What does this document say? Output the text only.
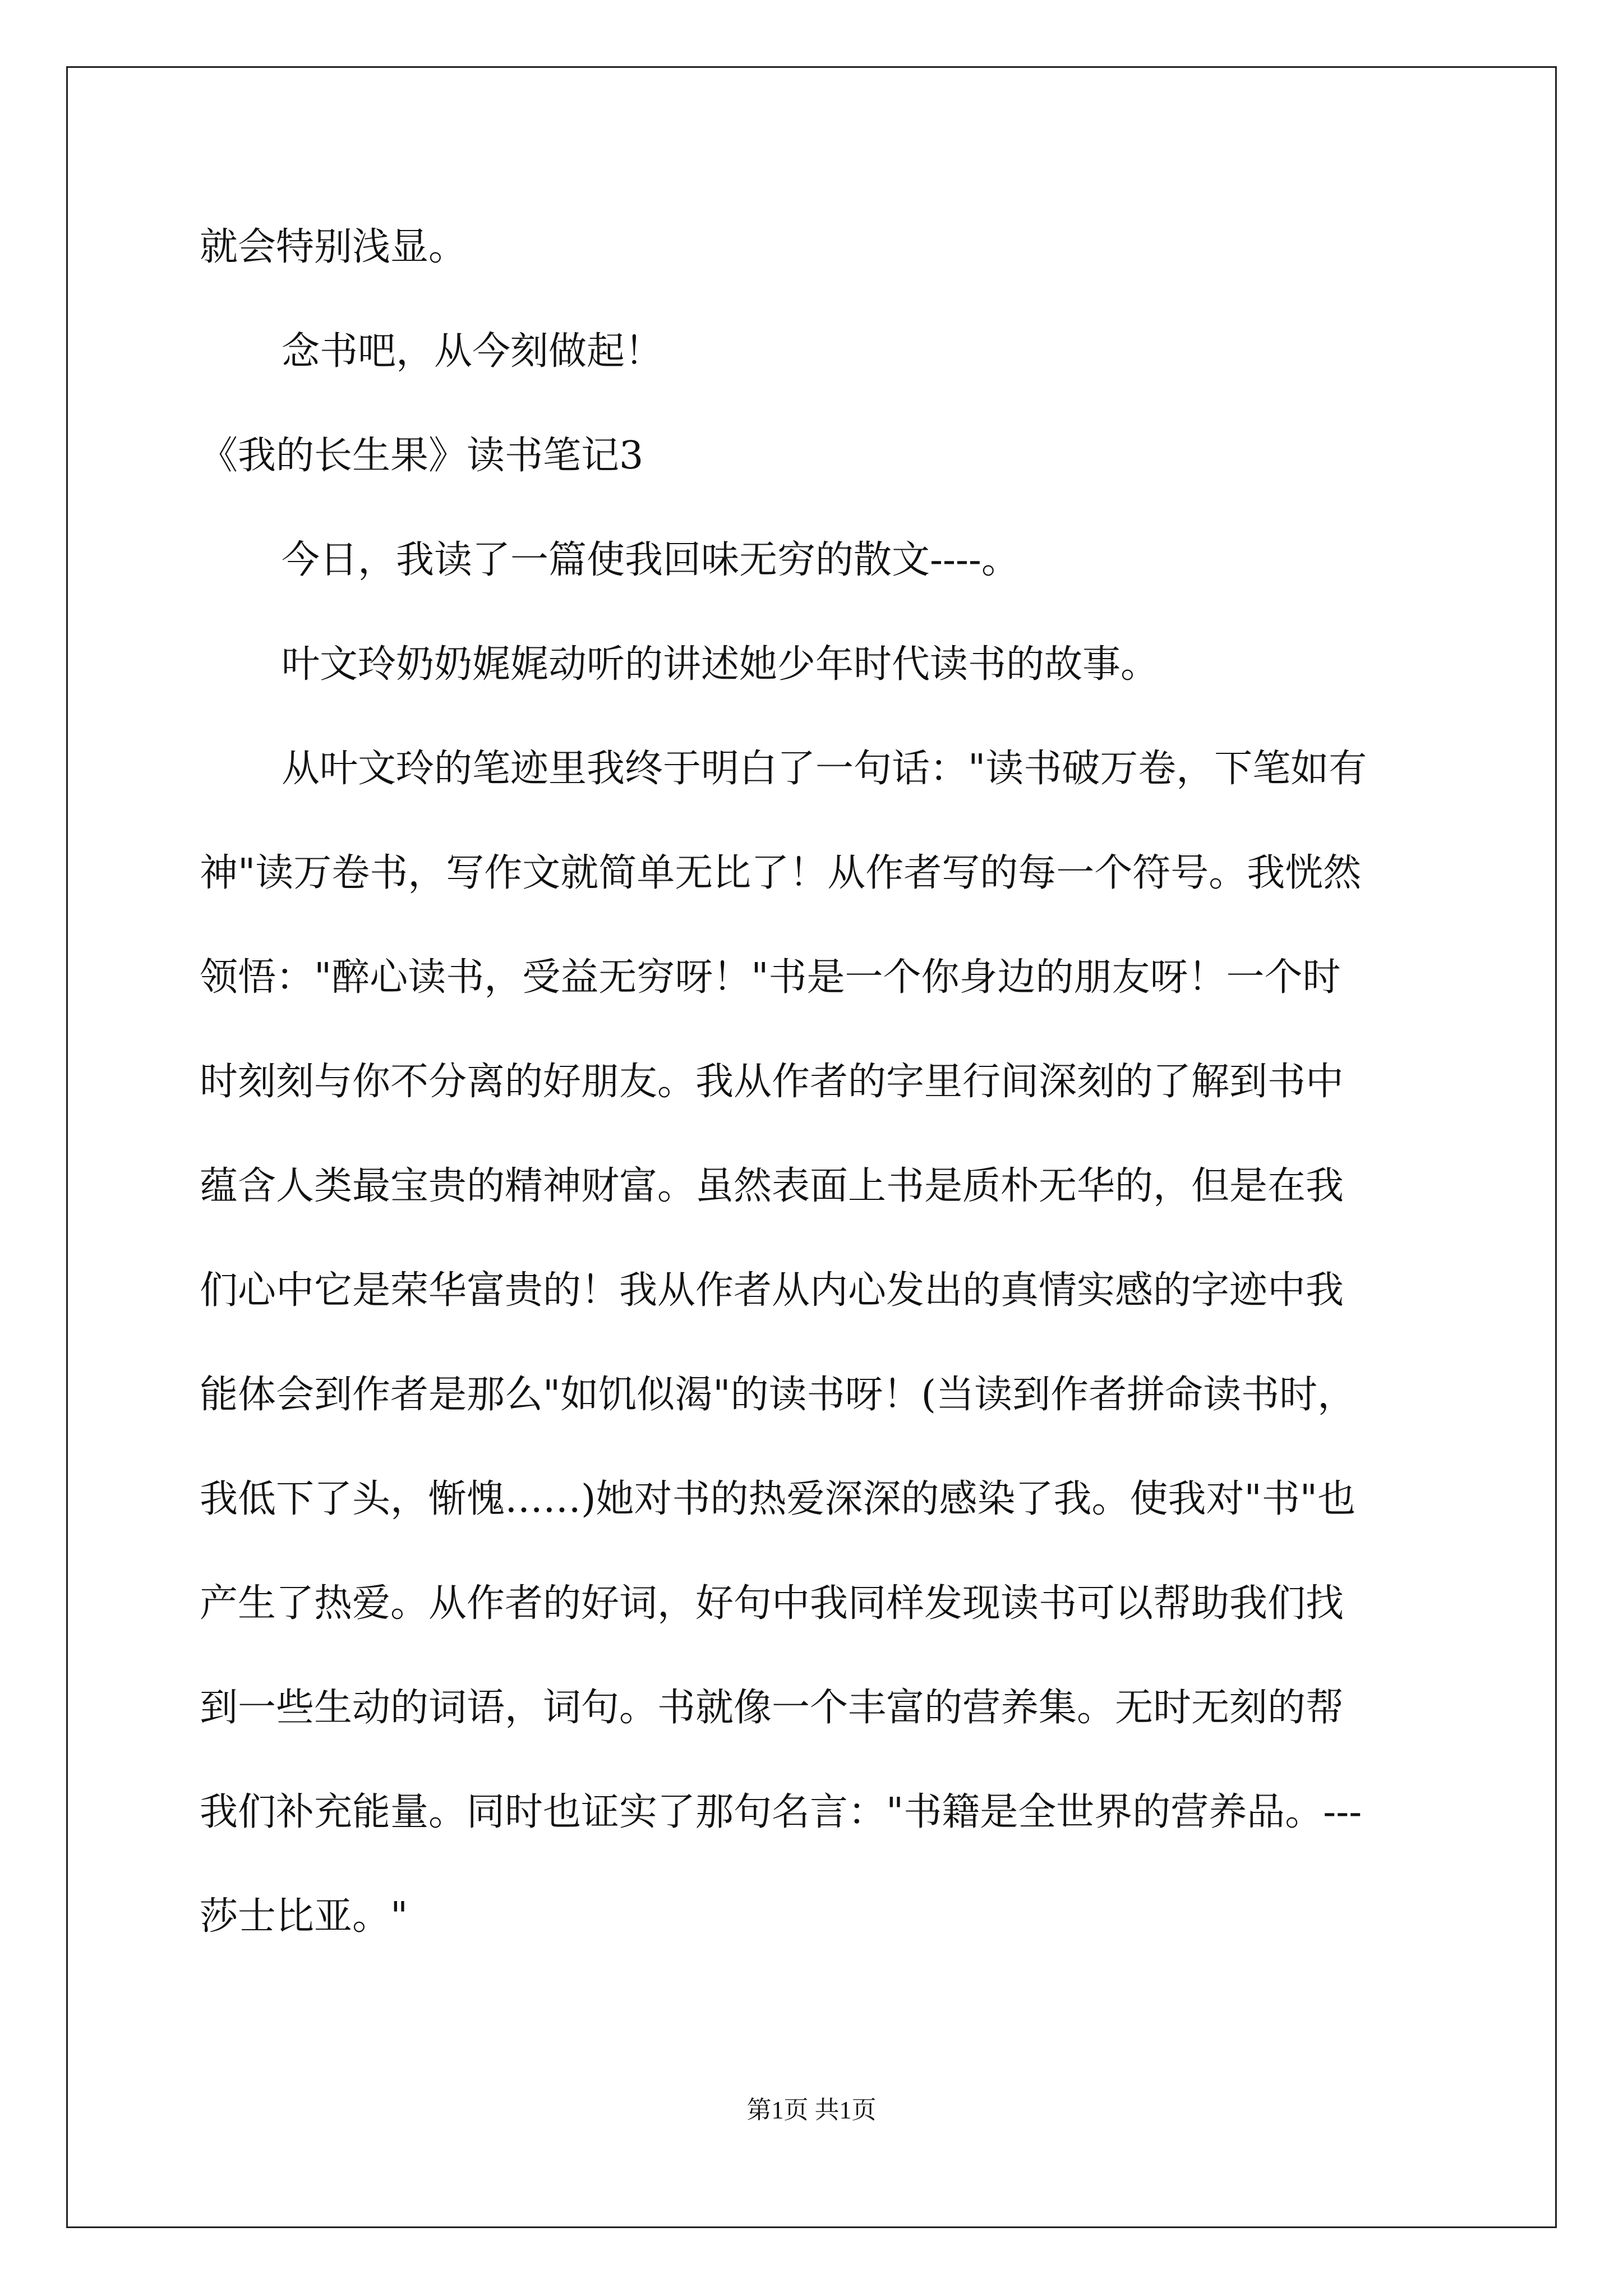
就会特别浅显。

念书吧，从今刻做起！

《我的长生果》读书笔记3

今日，我读了一篇使我回味无穷的散文----。

叶文玲奶奶娓娓动听的讲述她少年时代读书的故事。

从叶文玲的笔迹里我终于明白了一句话："读书破万卷，下笔如有

神"读万卷书，写作文就简单无比了！从作者写的每一个符号。我恍然

领悟："醉心读书，受益无穷呀！"书是一个你身边的朋友呀！一个时

时刻刻与你不分离的好朋友。我从作者的字里行间深刻的了解到书中

蕴含人类最宝贵的精神财富。虽然表面上书是质朴无华的，但是在我

们心中它是荣华富贵的！我从作者从内心发出的真情实感的字迹中我

能体会到作者是那么"如饥似渴"的读书呀！(当读到作者拼命读书时，

我低下了头，惭愧……)她对书的热爱深深的感染了我。使我对"书"也

产生了热爱。从作者的好词，好句中我同样发现读书可以帮助我们找

到一些生动的词语，词句。书就像一个丰富的营养集。无时无刻的帮

我们补充能量。同时也证实了那句名言："书籍是全世界的营养品。---

莎士比亚。"

第1页 共1页
